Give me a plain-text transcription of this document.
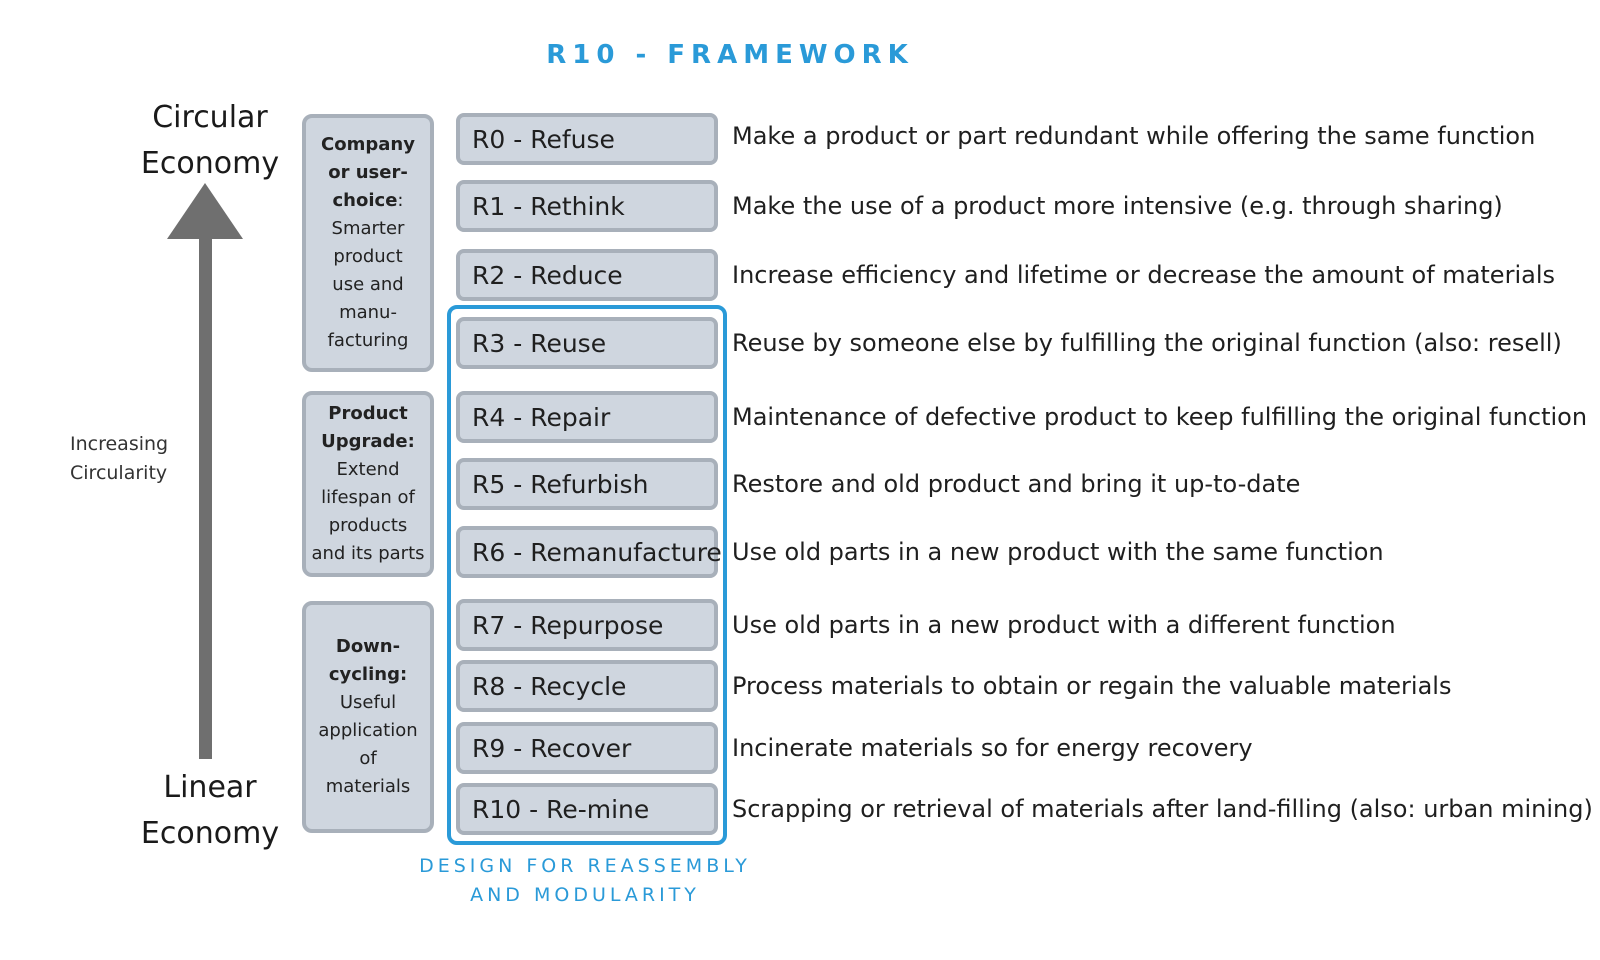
R10 - FRAMEWORK
Circular
Economy
Increasing
Circularity
Linear
Economy
Company or user-choice: Smarter product use and manu-facturing
Product Upgrade: Extend lifespan of products and its parts
Down-cycling: Useful application of materials
R0 - Refuse
R1 - Rethink
R2 - Reduce
R3 - Reuse
R4 - Repair
R5 - Refurbish
R6 - Remanufacture
R7 - Repurpose
R8 - Recycle
R9 - Recover
R10 - Re-mine
Make a product or part redundant while offering the same function
Make the use of a product more intensive (e.g. through sharing)
Increase efficiency and lifetime or decrease the amount of materials
Reuse by someone else by fulfilling the original function (also: resell)
Maintenance of defective product to keep fulfilling the original function
Restore and old product and bring it up-to-date
Use old parts in a new product with the same function
Use old parts in a new product with a different function
Process materials to obtain or regain the valuable materials
Incinerate materials so for energy recovery
Scrapping or retrieval of materials after land-filling (also: urban mining)
DESIGN FOR REASSEMBLY
AND MODULARITY
